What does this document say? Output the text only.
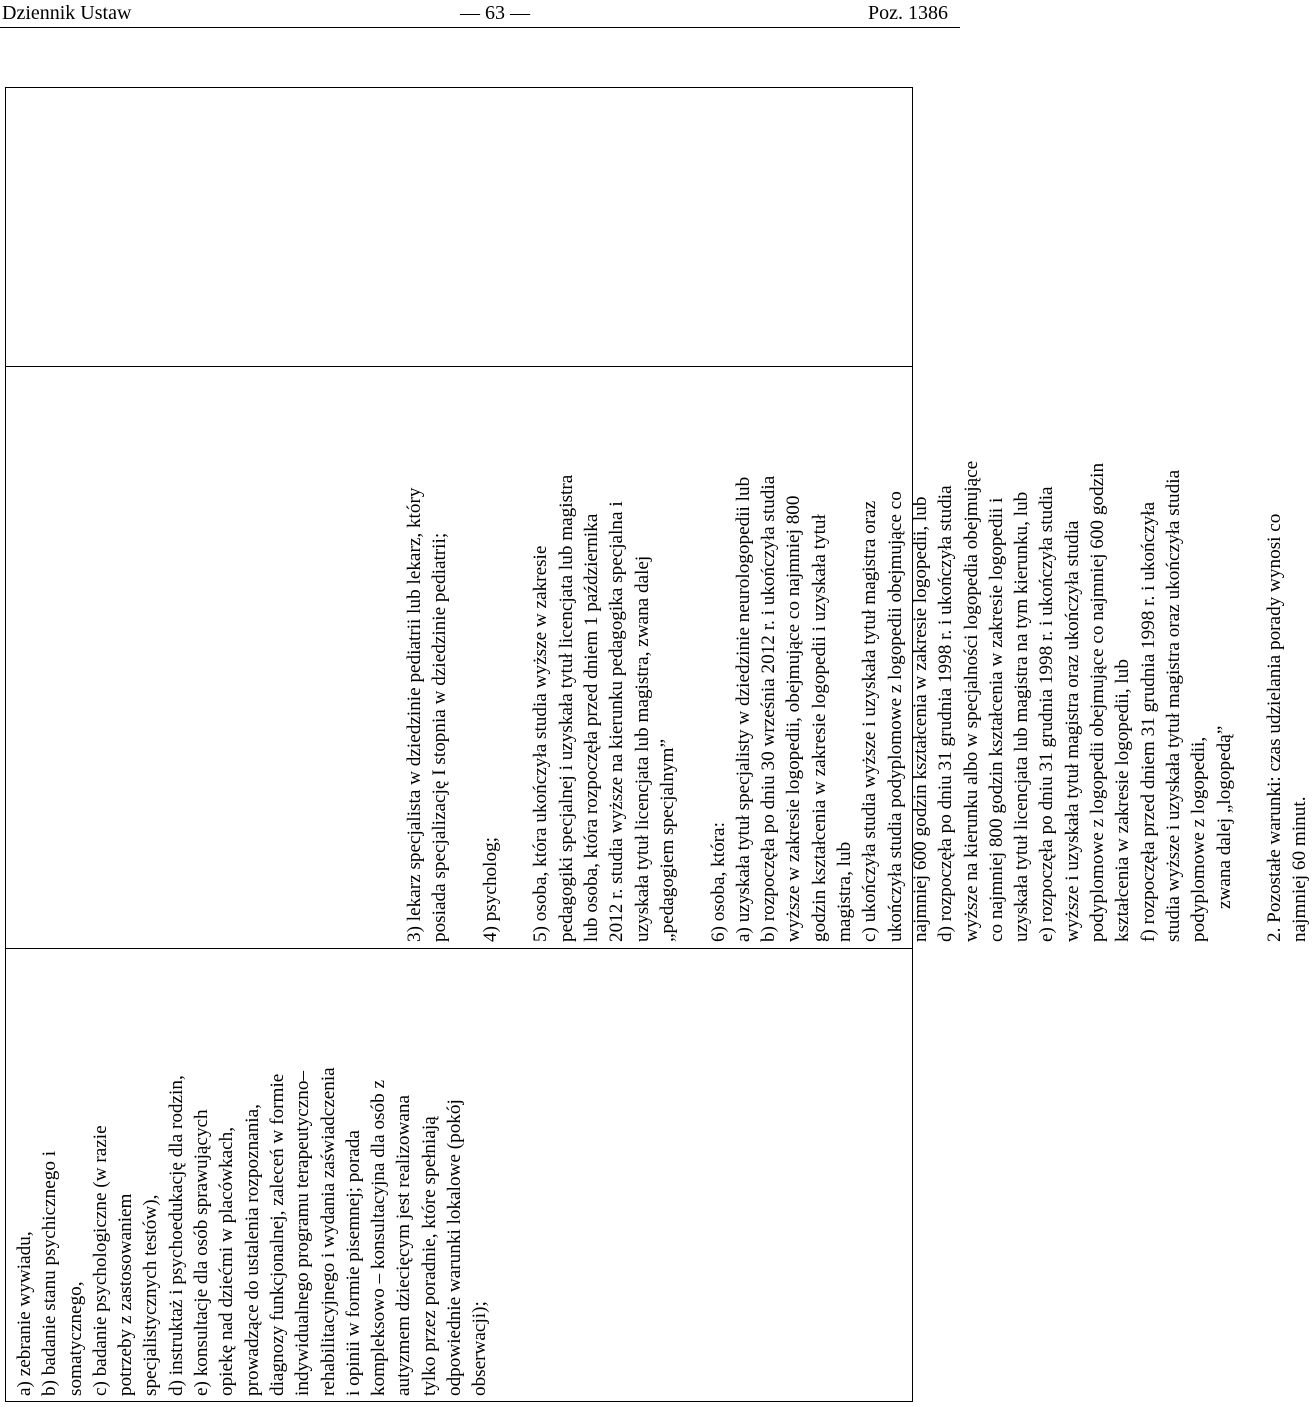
Dziennik Ustaw	— 63 —	Poz. 1386
a) zebranie wywiadu, b) badanie stanu psychicznego i somatycznego, c) badanie psychologiczne (w razie potrzeby z zastosowaniem specjalistycznych testów), d) instruktaż i psychoedukację dla rodzin, e) konsultacje dla osób sprawujących opiekę nad dziećmi w placówkach, prowadzące do ustalenia rozpoznania, diagnozy funkcjonalnej, zaleceń w formie indywidualnego programu terapeutyczno– rehabilitacyjnego i wydania zaświadczenia i opinii w formie pisemnej; porada kompleksowo – konsultacyjna dla osób z autyzmem dziecięcym jest realizowana tylko przez poradnie, które spełniają odpowiednie warunki lokalowe (pokój obserwacji);
3) lekarz specjalista w dziedzinie pediatrii lub lekarz, który posiada specjalizację I stopnia w dziedzinie pediatrii; 4) psycholog; 5) osoba, która ukończyła studia wyższe w zakresie pedagogiki specjalnej i uzyskała tytuł licencjata lub magistra lub osoba, która rozpoczęła przed dniem 1 października 2012 r. studia wyższe na kierunku pedagogika specjalna i uzyskała tytuł licencjata lub magistra, zwana dalej „pedagogiem specjalnym” 6) osoba, która: a) uzyskała tytuł specjalisty w dziedzinie neurologopedii lub b) rozpoczęła po dniu 30 września 2012 r. i ukończyła studia wyższe w zakresie logopedii, obejmujące co najmniej 800 godzin kształcenia w zakresie logopedii i uzyskała tytuł magistra, lub c) ukończyła studia wyższe i uzyskała tytuł magistra oraz ukończyła studia podyplomowe z logopedii obejmujące co najmniej 600 godzin kształcenia w zakresie logopedii, lub d) rozpoczęła po dniu 31 grudnia 1998 r. i ukończyła studia wyższe na kierunku albo w specjalności logopedia obejmujące co najmniej 800 godzin kształcenia w zakresie logopedii i uzyskała tytuł licencjata lub magistra na tym kierunku, lub e) rozpoczęła po dniu 31 grudnia 1998 r. i ukończyła studia wyższe i uzyskała tytuł magistra oraz ukończyła studia podyplomowe z logopedii obejmujące co najmniej 600 godzin kształcenia w zakresie logopedii, lub f) rozpoczęła przed dniem 31 grudnia 1998 r. i ukończyła studia wyższe i uzyskała tytuł magistra oraz ukończyła studia podyplomowe z logopedii, zwana dalej „logopedą” 2. Pozostałe warunki: czas udzielania porady wynosi co najmniej 60 minut.
